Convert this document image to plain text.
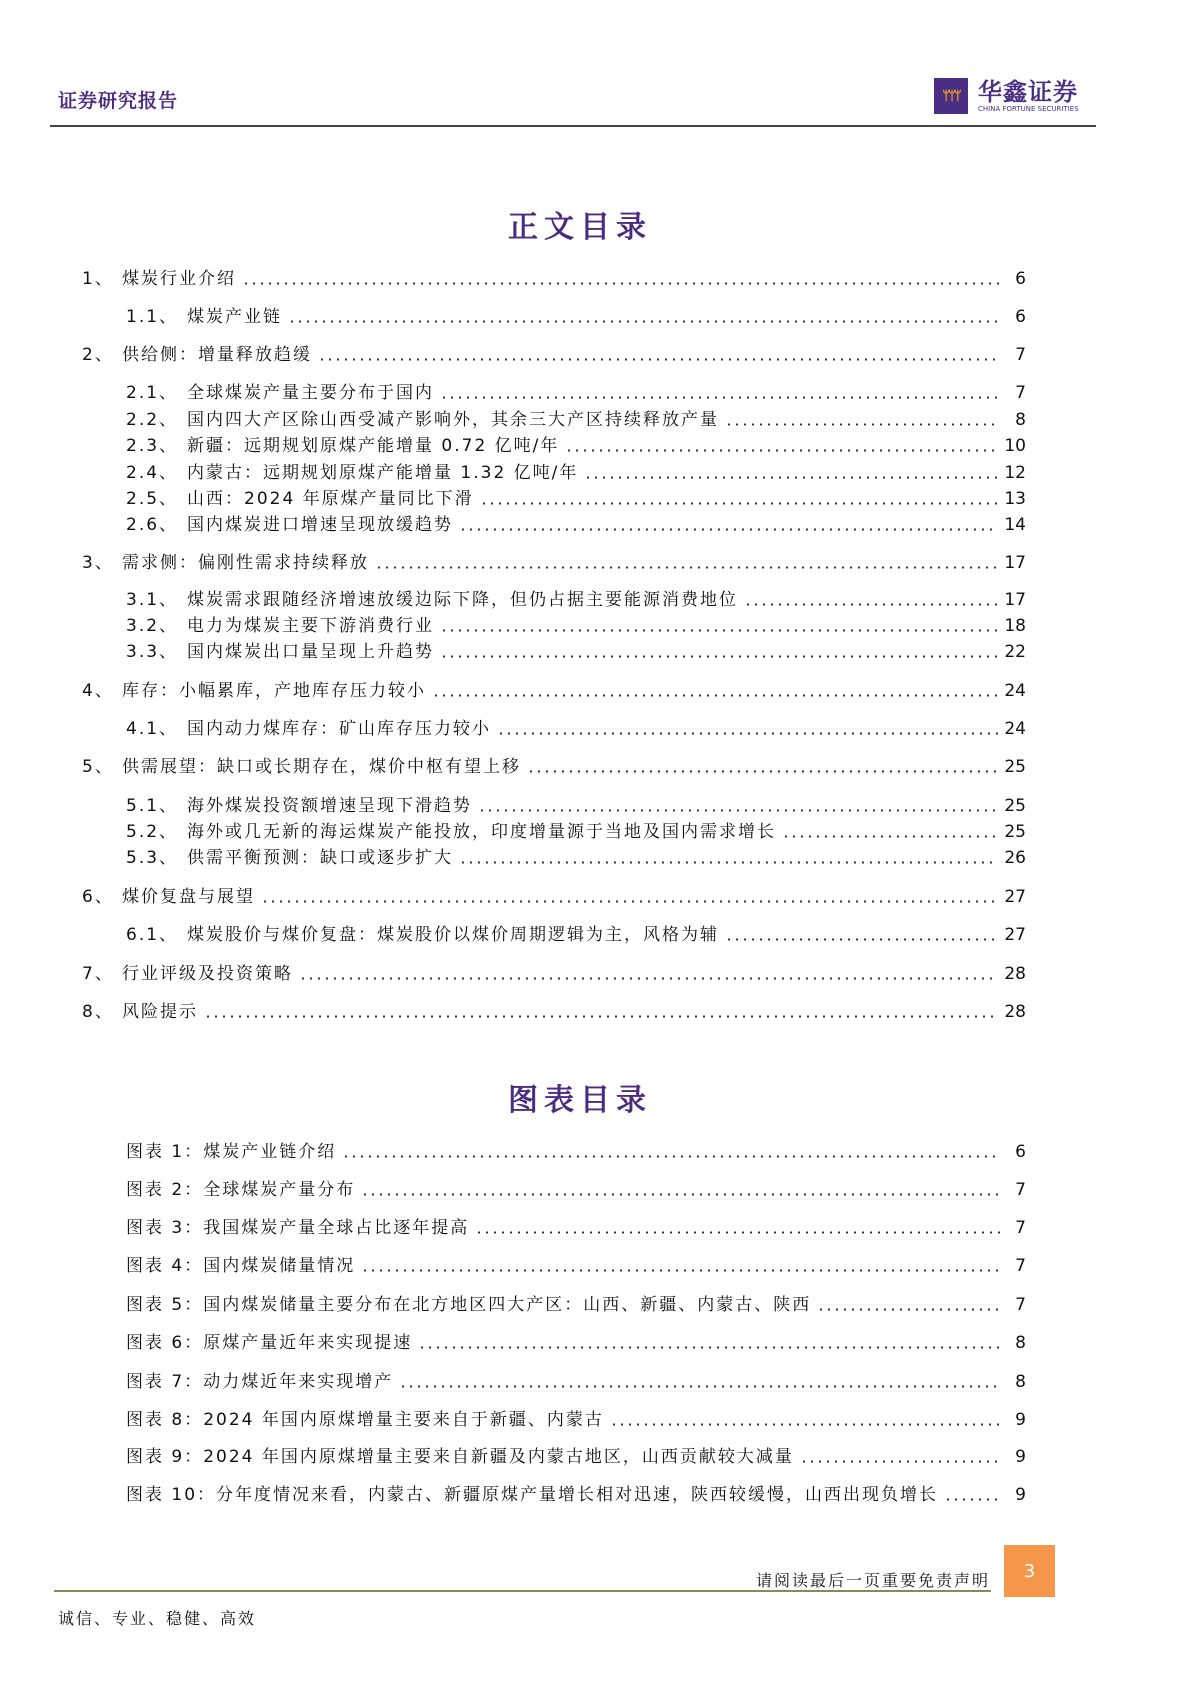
证券研究报告	ᛘᛘᛘ 华鑫证券
CHINA FORTUNE SECURITIES
正文目录
1、 煤炭行业介绍	6
1.1、 煤炭产业链	6
2、 供给侧：增量释放趋缓	7
2.1、 全球煤炭产量主要分布于国内	7
2.2、 国内四大产区除山西受减产影响外，其余三大产区持续释放产量	8
2.3、 新疆：远期规划原煤产能增量 0.72 亿吨/年	10
2.4、 内蒙古：远期规划原煤产能增量 1.32 亿吨/年	12
2.5、 山西：2024 年原煤产量同比下滑	13
2.6、 国内煤炭进口增速呈现放缓趋势	14
3、 需求侧：偏刚性需求持续释放	17
3.1、 煤炭需求跟随经济增速放缓边际下降，但仍占据主要能源消费地位	17
3.2、 电力为煤炭主要下游消费行业	18
3.3、 国内煤炭出口量呈现上升趋势	22
4、 库存：小幅累库，产地库存压力较小	24
4.1、 国内动力煤库存：矿山库存压力较小	24
5、 供需展望：缺口或长期存在，煤价中枢有望上移	25
5.1、 海外煤炭投资额增速呈现下滑趋势	25
5.2、 海外或几无新的海运煤炭产能投放，印度增量源于当地及国内需求增长	25
5.3、 供需平衡预测：缺口或逐步扩大	26
6、 煤价复盘与展望	27
6.1、 煤炭股价与煤价复盘：煤炭股价以煤价周期逻辑为主，风格为辅	27
7、 行业评级及投资策略	28
8、 风险提示	28
图表目录
图表 1：煤炭产业链介绍	6
图表 2：全球煤炭产量分布	7
图表 3：我国煤炭产量全球占比逐年提高	7
图表 4：国内煤炭储量情况	7
图表 5：国内煤炭储量主要分布在北方地区四大产区：山西、新疆、内蒙古、陕西	7
图表 6：原煤产量近年来实现提速	8
图表 7：动力煤近年来实现增产	8
图表 8：2024 年国内原煤增量主要来自于新疆、内蒙古	9
图表 9：2024 年国内原煤增量主要来自新疆及内蒙古地区，山西贡献较大减量	9
图表 10：分年度情况来看，内蒙古、新疆原煤产量增长相对迅速，陕西较缓慢，山西出现负增长	9
请阅读最后一页重要免责声明	3
诚信、专业、稳健、高效
